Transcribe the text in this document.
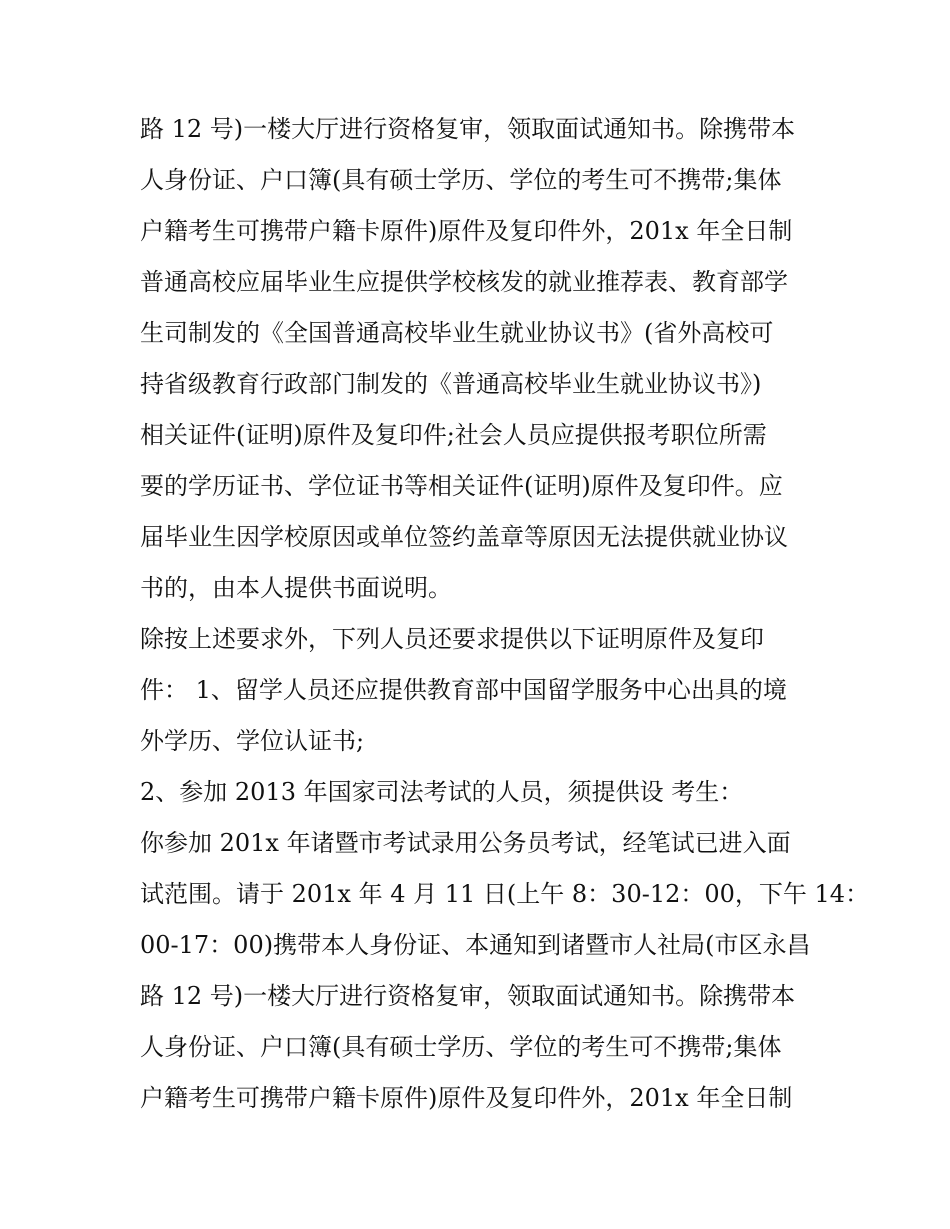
路 12 号)一楼大厅进行资格复审，领取面试通知书。除携带本
人身份证、户口簿(具有硕士学历、学位的考生可不携带;集体
户籍考生可携带户籍卡原件)原件及复印件外，201x 年全日制
普通高校应届毕业生应提供学校核发的就业推荐表、教育部学
生司制发的《全国普通高校毕业生就业协议书》(省外高校可
持省级教育行政部门制发的《普通高校毕业生就业协议书》)
相关证件(证明)原件及复印件;社会人员应提供报考职位所需
要的学历证书、学位证书等相关证件(证明)原件及复印件。应
届毕业生因学校原因或单位签约盖章等原因无法提供就业协议
书的，由本人提供书面说明。
除按上述要求外，下列人员还要求提供以下证明原件及复印
件： 1、留学人员还应提供教育部中国留学服务中心出具的境
外学历、学位认证书;
2、参加 2013 年国家司法考试的人员，须提供设 考生：
你参加 201x 年诸暨市考试录用公务员考试，经笔试已进入面
试范围。请于 201x 年 4 月 11 日(上午 8：30-12：00，下午 14：
00-17：00)携带本人身份证、本通知到诸暨市人社局(市区永昌
路 12 号)一楼大厅进行资格复审，领取面试通知书。除携带本
人身份证、户口簿(具有硕士学历、学位的考生可不携带;集体
户籍考生可携带户籍卡原件)原件及复印件外，201x 年全日制
